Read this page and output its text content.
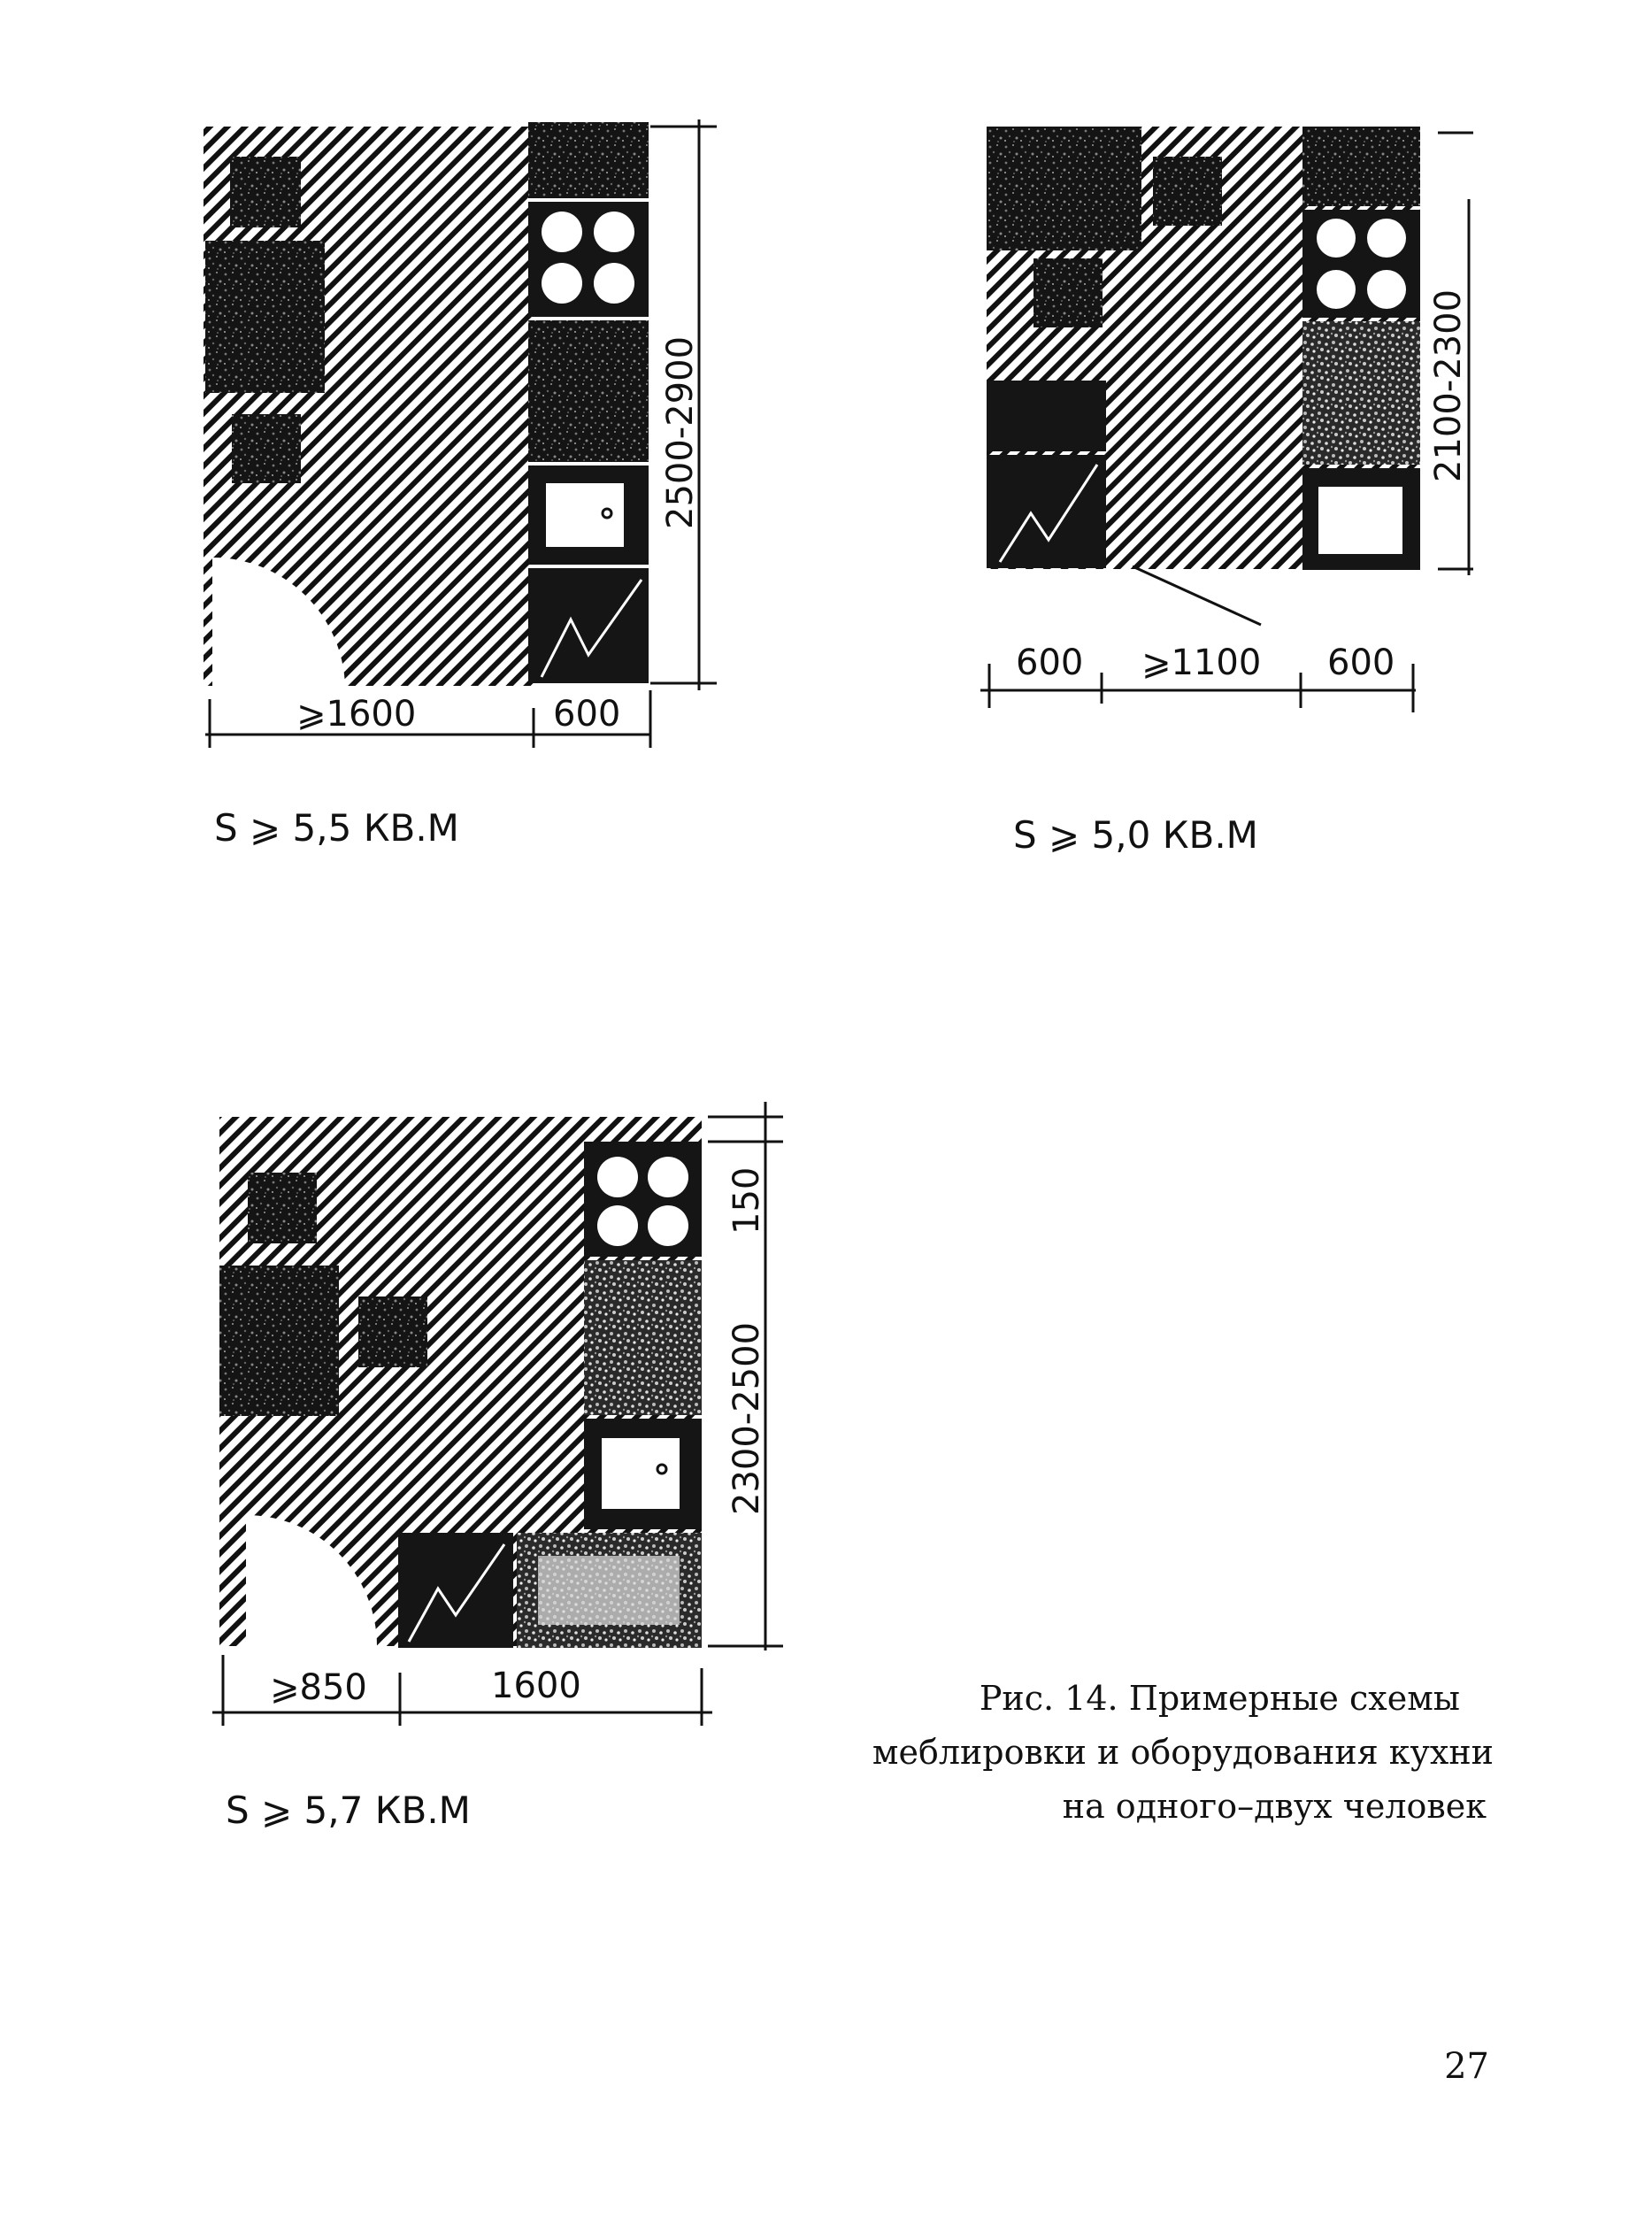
⩾1600	600
2500-2900
S ⩾ 5,5 КВ.М
600 ⩾1100 600
2100-2300
S ⩾ 5,0 КВ.М
⩾850	1600
150
2300-2500
S ⩾ 5,7 КВ.М
Рис. 14. Примерные схемы
меблировки и оборудования кухни
на одного–двух человек
27
